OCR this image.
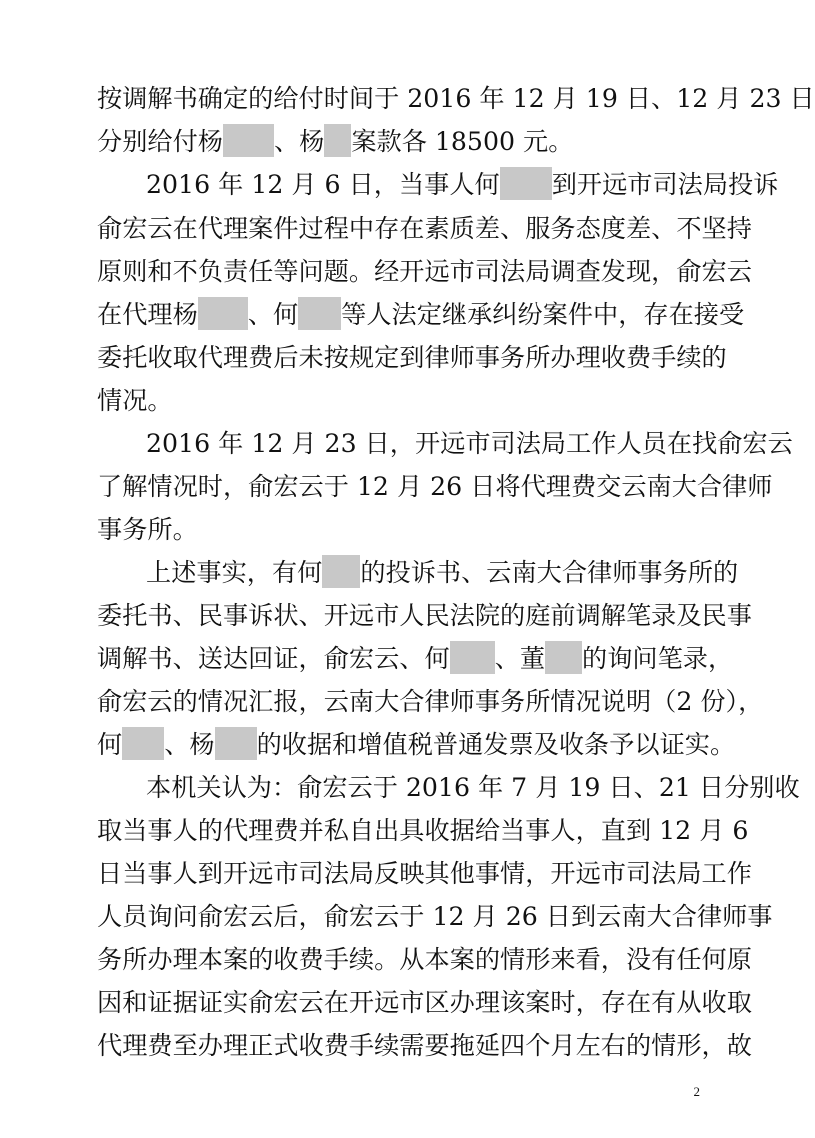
按调解书确定的给付时间于 2016 年 12 月 19 日、12 月 23 日
分别给付杨 、杨 案款各 18500 元。
2016 年 12 月 6 日，当事人何 到开远市司法局投诉
俞宏云在代理案件过程中存在素质差、服务态度差、不坚持
原则和不负责任等问题。经开远市司法局调查发现，俞宏云
在代理杨 、何 等人法定继承纠纷案件中，存在接受
委托收取代理费后未按规定到律师事务所办理收费手续的
情况。
2016 年 12 月 23 日，开远市司法局工作人员在找俞宏云
了解情况时，俞宏云于 12 月 26 日将代理费交云南大合律师
事务所。
上述事实，有何 的投诉书、云南大合律师事务所的
委托书、民事诉状、开远市人民法院的庭前调解笔录及民事
调解书、送达回证，俞宏云、何 、董 的询问笔录，
俞宏云的情况汇报，云南大合律师事务所情况说明（2 份），
何 、杨 的收据和增值税普通发票及收条予以证实。
本机关认为：俞宏云于 2016 年 7 月 19 日、21 日分别收
取当事人的代理费并私自出具收据给当事人，直到 12 月 6
日当事人到开远市司法局反映其他事情，开远市司法局工作
人员询问俞宏云后，俞宏云于 12 月 26 日到云南大合律师事
务所办理本案的收费手续。从本案的情形来看，没有任何原
因和证据证实俞宏云在开远市区办理该案时，存在有从收取
代理费至办理正式收费手续需要拖延四个月左右的情形，故
2
